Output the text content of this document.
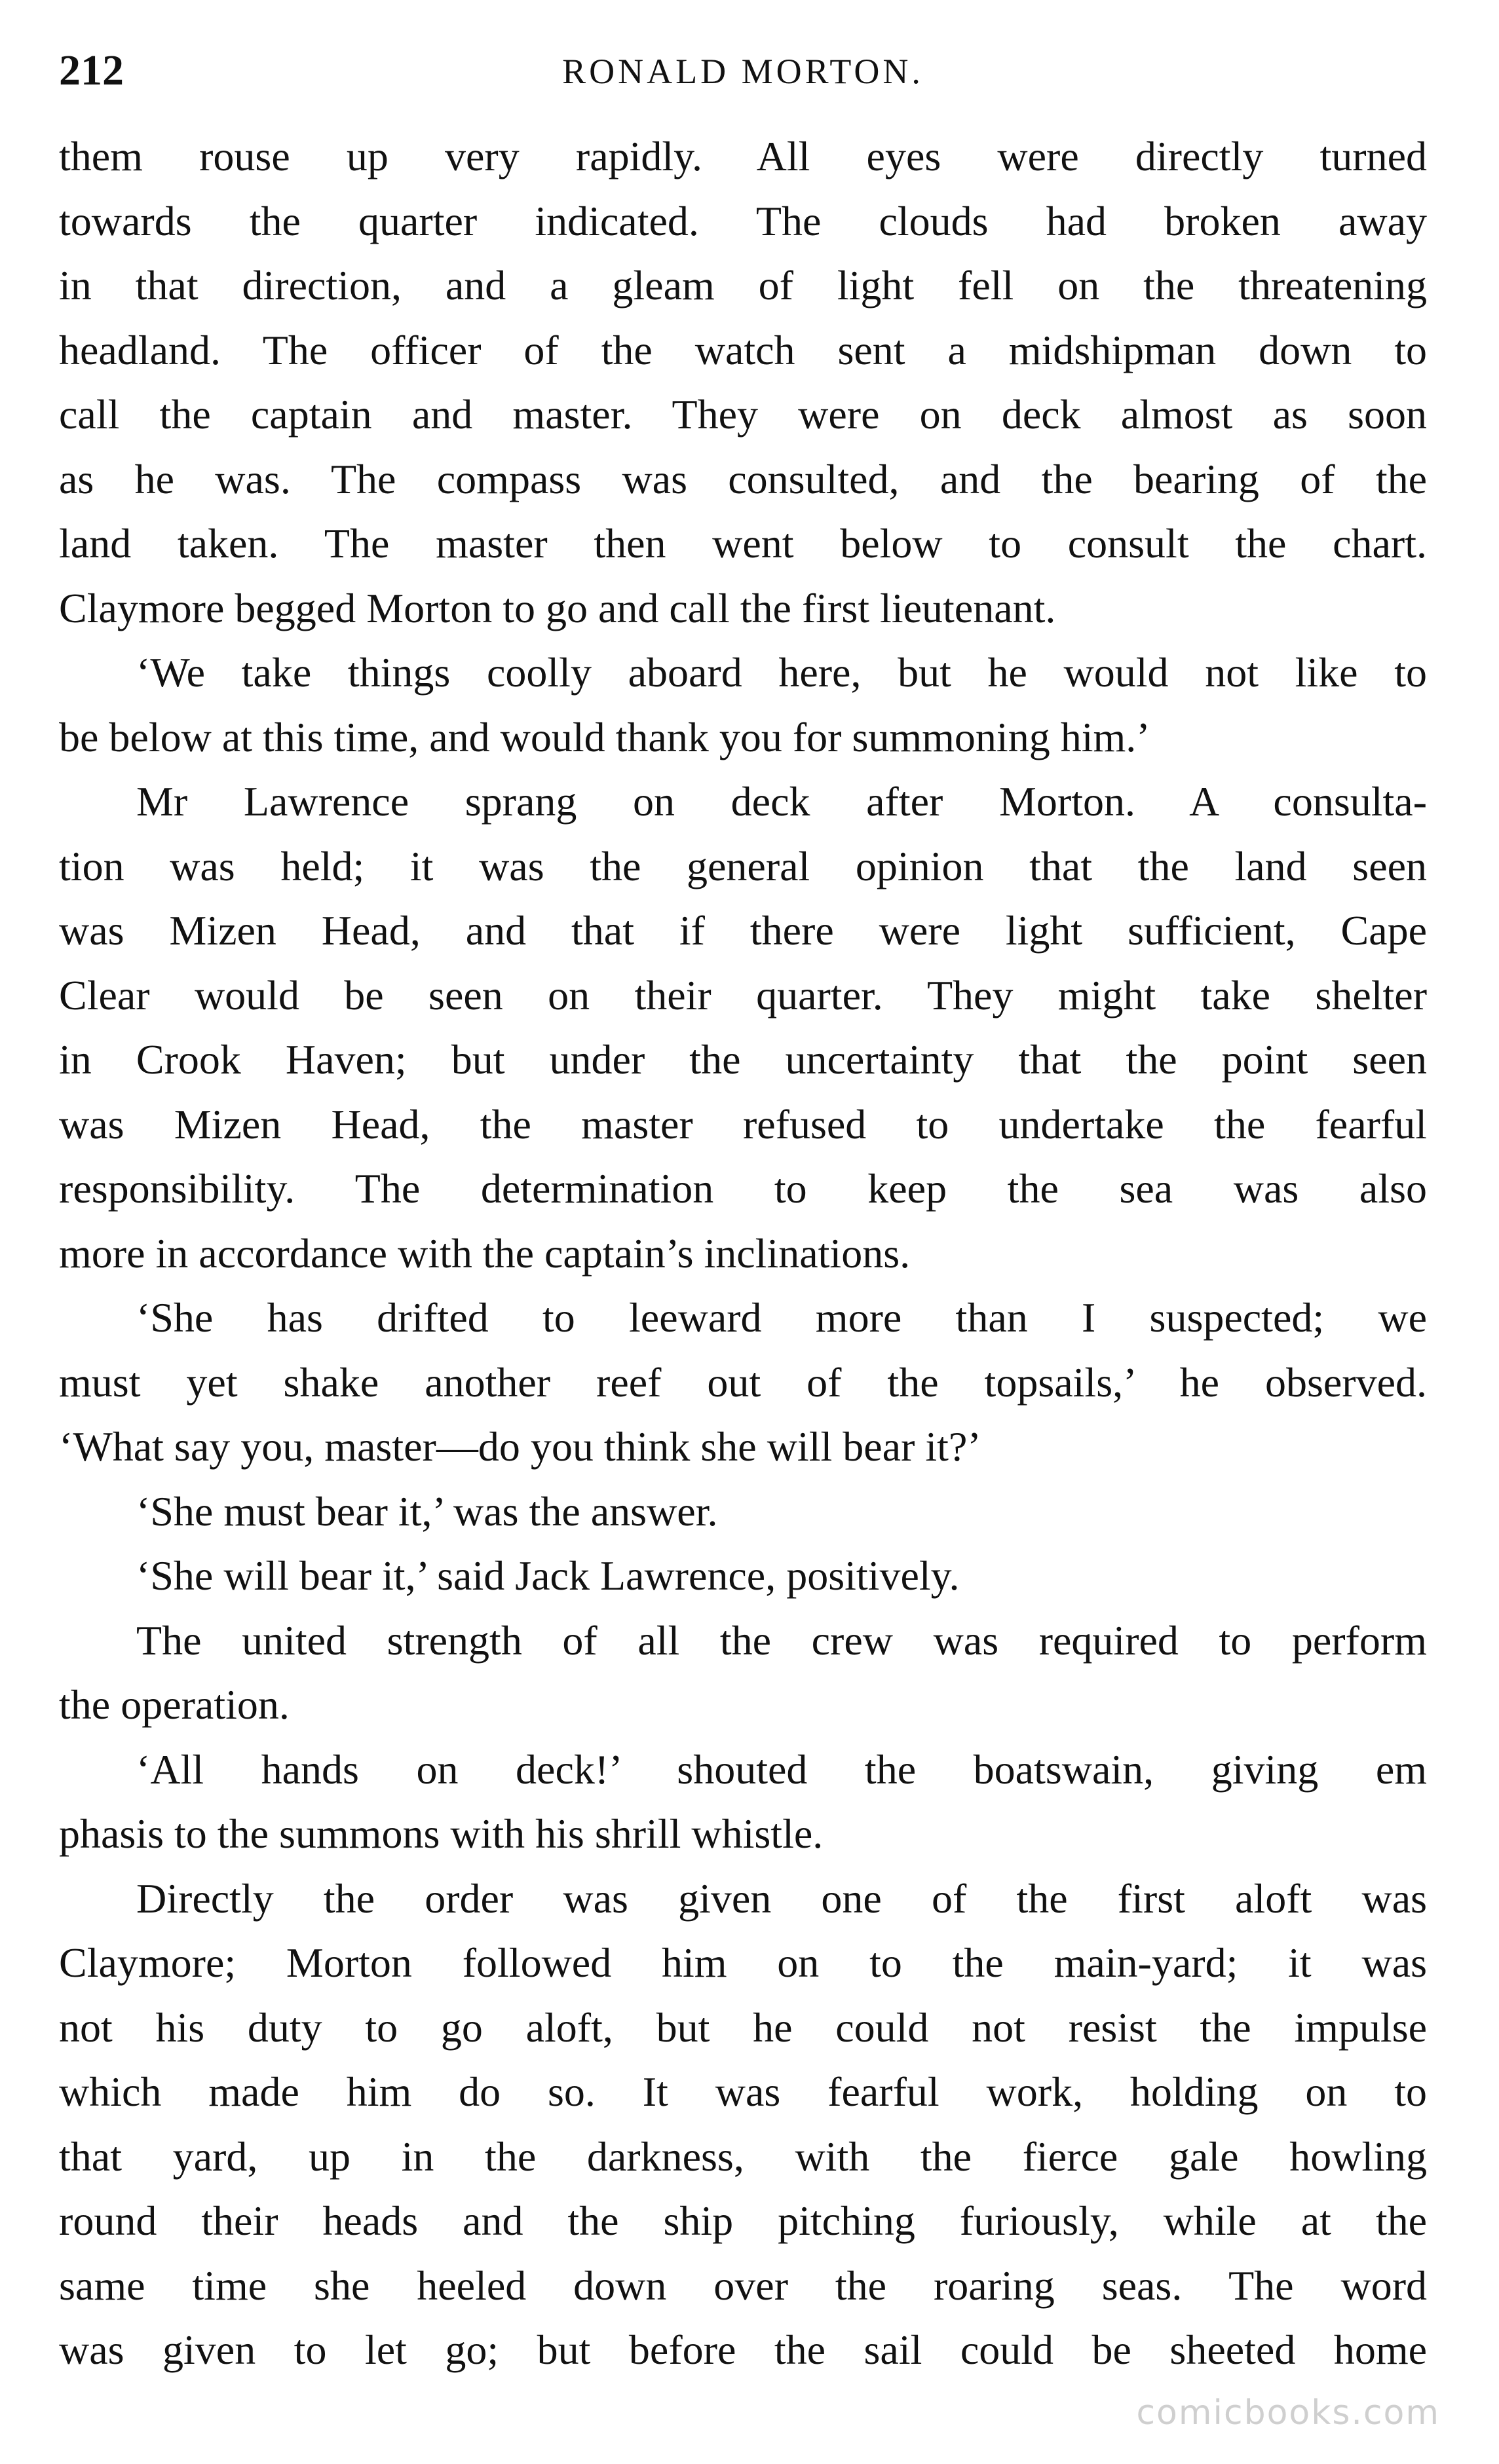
212	RONALD MORTON.

them rouse up very rapidly. All eyes were directly turned

towards the quarter indicated. The clouds had broken away

in that direction, and a gleam of light fell on the threatening

headland. The officer of the watch sent a midshipman down to

call the captain and master. They were on deck almost as soon

as he was. The compass was consulted, and the bearing of the

land taken. The master then went below to consult the chart.

Claymore begged Morton to go and call the first lieutenant.

‘We take things coolly aboard here, but he would not like to

be below at this time, and would thank you for summoning him.’

Mr Lawrence sprang on deck after Morton. A consulta-

tion was held; it was the general opinion that the land seen

was Mizen Head, and that if there were light sufficient, Cape

Clear would be seen on their quarter. They might take shelter

in Crook Haven; but under the uncertainty that the point seen

was Mizen Head, the master refused to undertake the fearful

responsibility. The determination to keep the sea was also

more in accordance with the captain’s inclinations.

‘She has drifted to leeward more than I suspected; we

must yet shake another reef out of the topsails,’ he observed.

‘What say you, master—do you think she will bear it?’

‘She must bear it,’ was the answer.

‘She will bear it,’ said Jack Lawrence, positively.

The united strength of all the crew was required to perform

the operation.

‘All hands on deck!’ shouted the boatswain, giving em

phasis to the summons with his shrill whistle.

Directly the order was given one of the first aloft was

Claymore; Morton followed him on to the main-yard; it was

not his duty to go aloft, but he could not resist the impulse

which made him do so. It was fearful work, holding on to

that yard, up in the darkness, with the fierce gale howling

round their heads and the ship pitching furiously, while at the

same time she heeled down over the roaring seas. The word

was given to let go; but before the sail could be sheeted home

comicbooks.com
